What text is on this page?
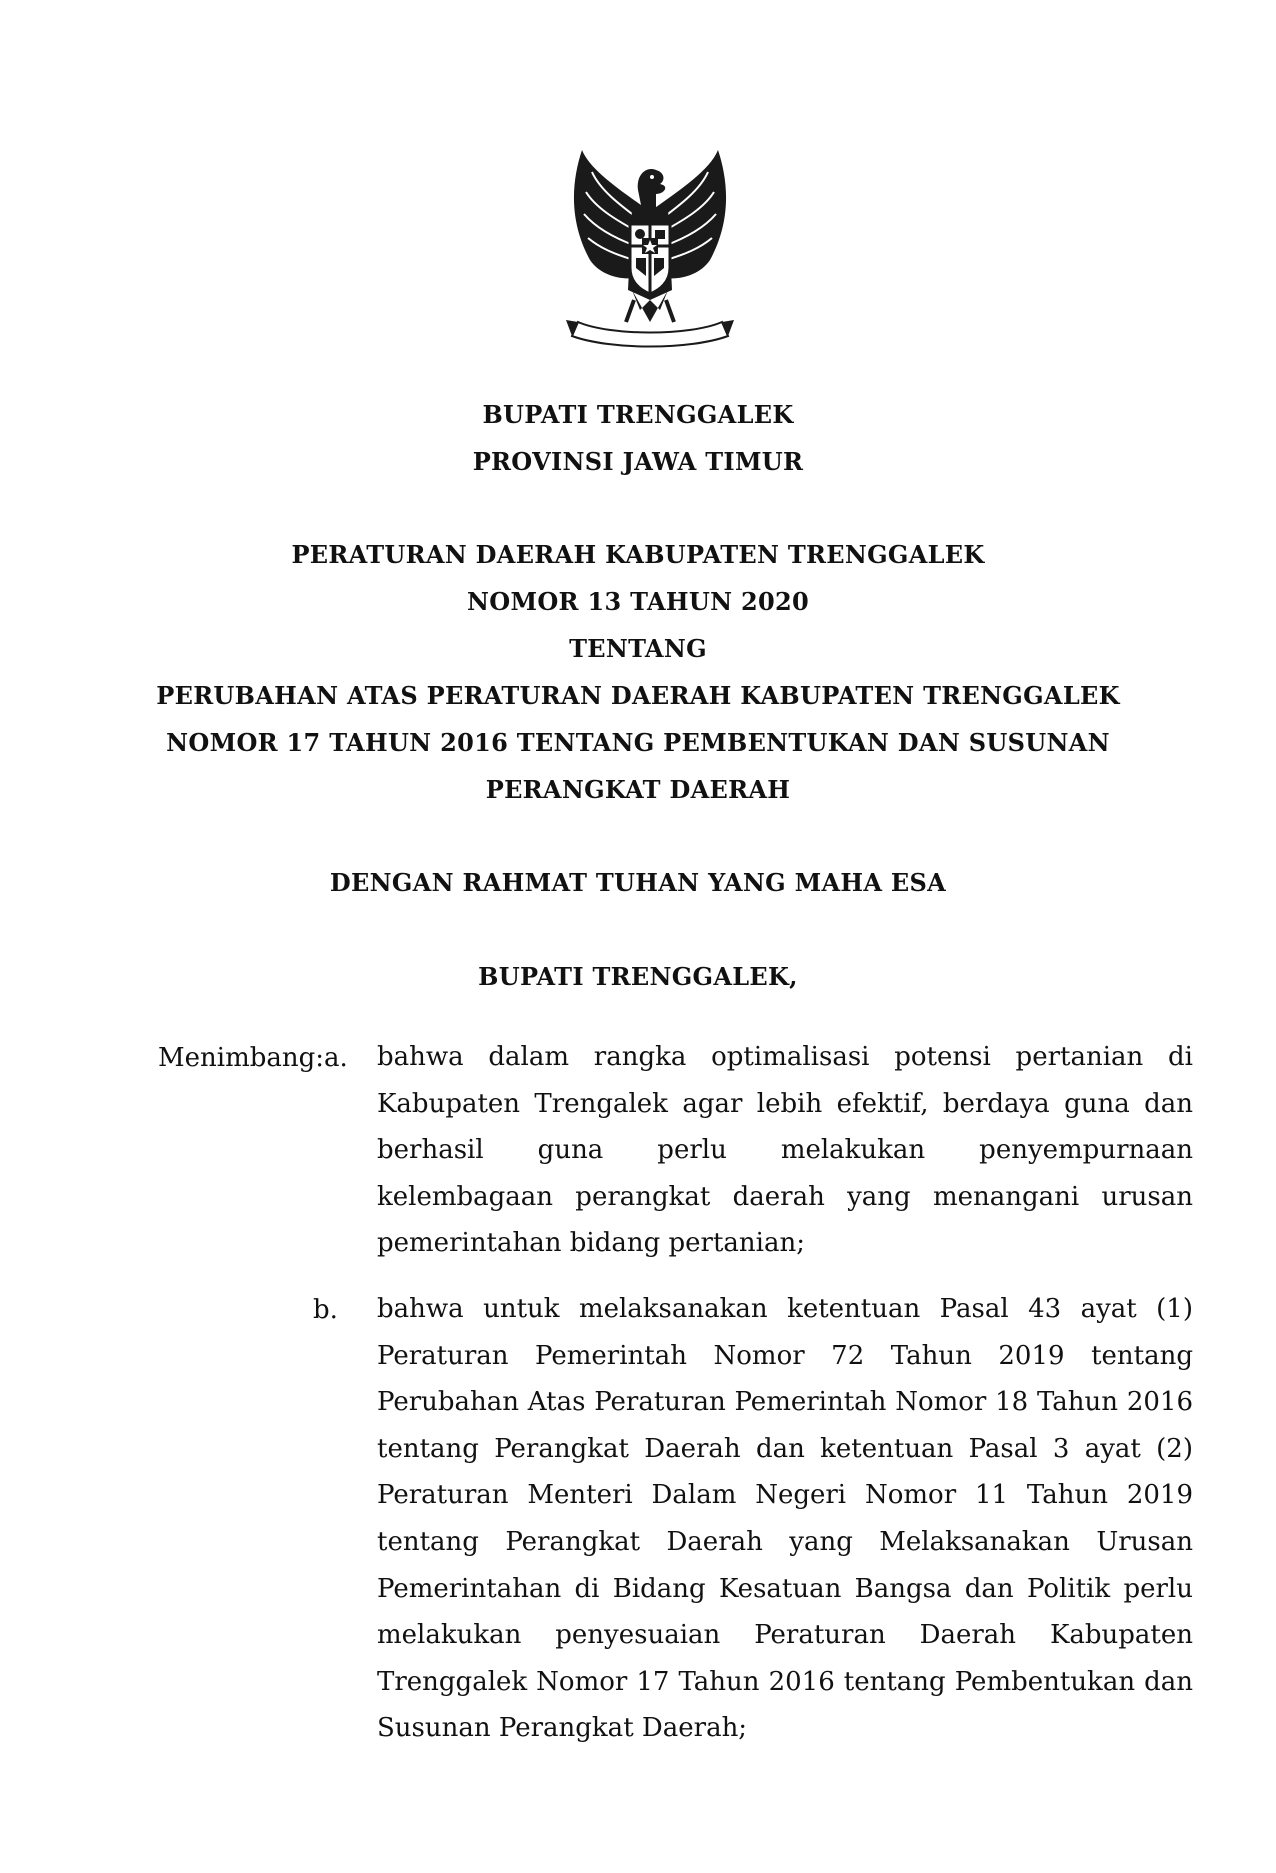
BUPATI TRENGGALEK
PROVINSI JAWA TIMUR
PERATURAN DAERAH KABUPATEN TRENGGALEK
NOMOR 13 TAHUN 2020
TENTANG
PERUBAHAN ATAS PERATURAN DAERAH KABUPATEN TRENGGALEK
NOMOR 17 TAHUN 2016 TENTANG PEMBENTUKAN DAN SUSUNAN
PERANGKAT DAERAH
DENGAN RAHMAT TUHAN YANG MAHA ESA
BUPATI TRENGGALEK,
Menimbang:a. bahwa dalam rangka optimalisasi potensi pertanian di Kabupaten Trengalek agar lebih efektif, berdaya guna dan berhasil guna perlu melakukan penyempurnaan kelembagaan perangkat daerah yang menangani urusan pemerintahan bidang pertanian;

b. bahwa untuk melaksanakan ketentuan Pasal 43 ayat (1) Peraturan Pemerintah Nomor 72 Tahun 2019 tentang Perubahan Atas Peraturan Pemerintah Nomor 18 Tahun 2016 tentang Perangkat Daerah dan ketentuan Pasal 3 ayat (2) Peraturan Menteri Dalam Negeri Nomor 11 Tahun 2019 tentang Perangkat Daerah yang Melaksanakan Urusan Pemerintahan di Bidang Kesatuan Bangsa dan Politik perlu melakukan penyesuaian Peraturan Daerah Kabupaten Trenggalek Nomor 17 Tahun 2016 tentang Pembentukan dan Susunan Perangkat Daerah;
